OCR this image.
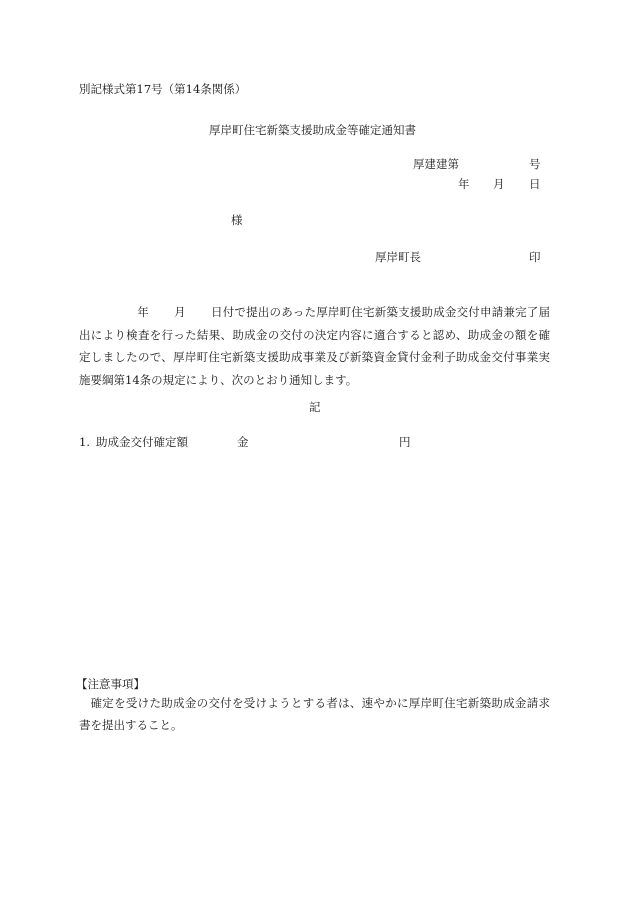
別記様式第17号（第14条関係）
厚岸町住宅新築支援助成金等確定通知書
厚建建第	号
年 月 日
様
厚岸町長	印
年 月 日付で提出のあった厚岸町住宅新築支援助成金交付申請兼完了届出により検査を行った結果、助成金の交付の決定内容に適合すると認め、助成金の額を確定しましたので、厚岸町住宅新築支援助成事業及び新築資金貸付金利子助成金交付事業実施要綱第14条の規定により、次のとおり通知します。
記
1. 助成金交付確定額	金	円
【注意事項】
確定を受けた助成金の交付を受けようとする者は、速やかに厚岸町住宅新築助成金請求書を提出すること。
